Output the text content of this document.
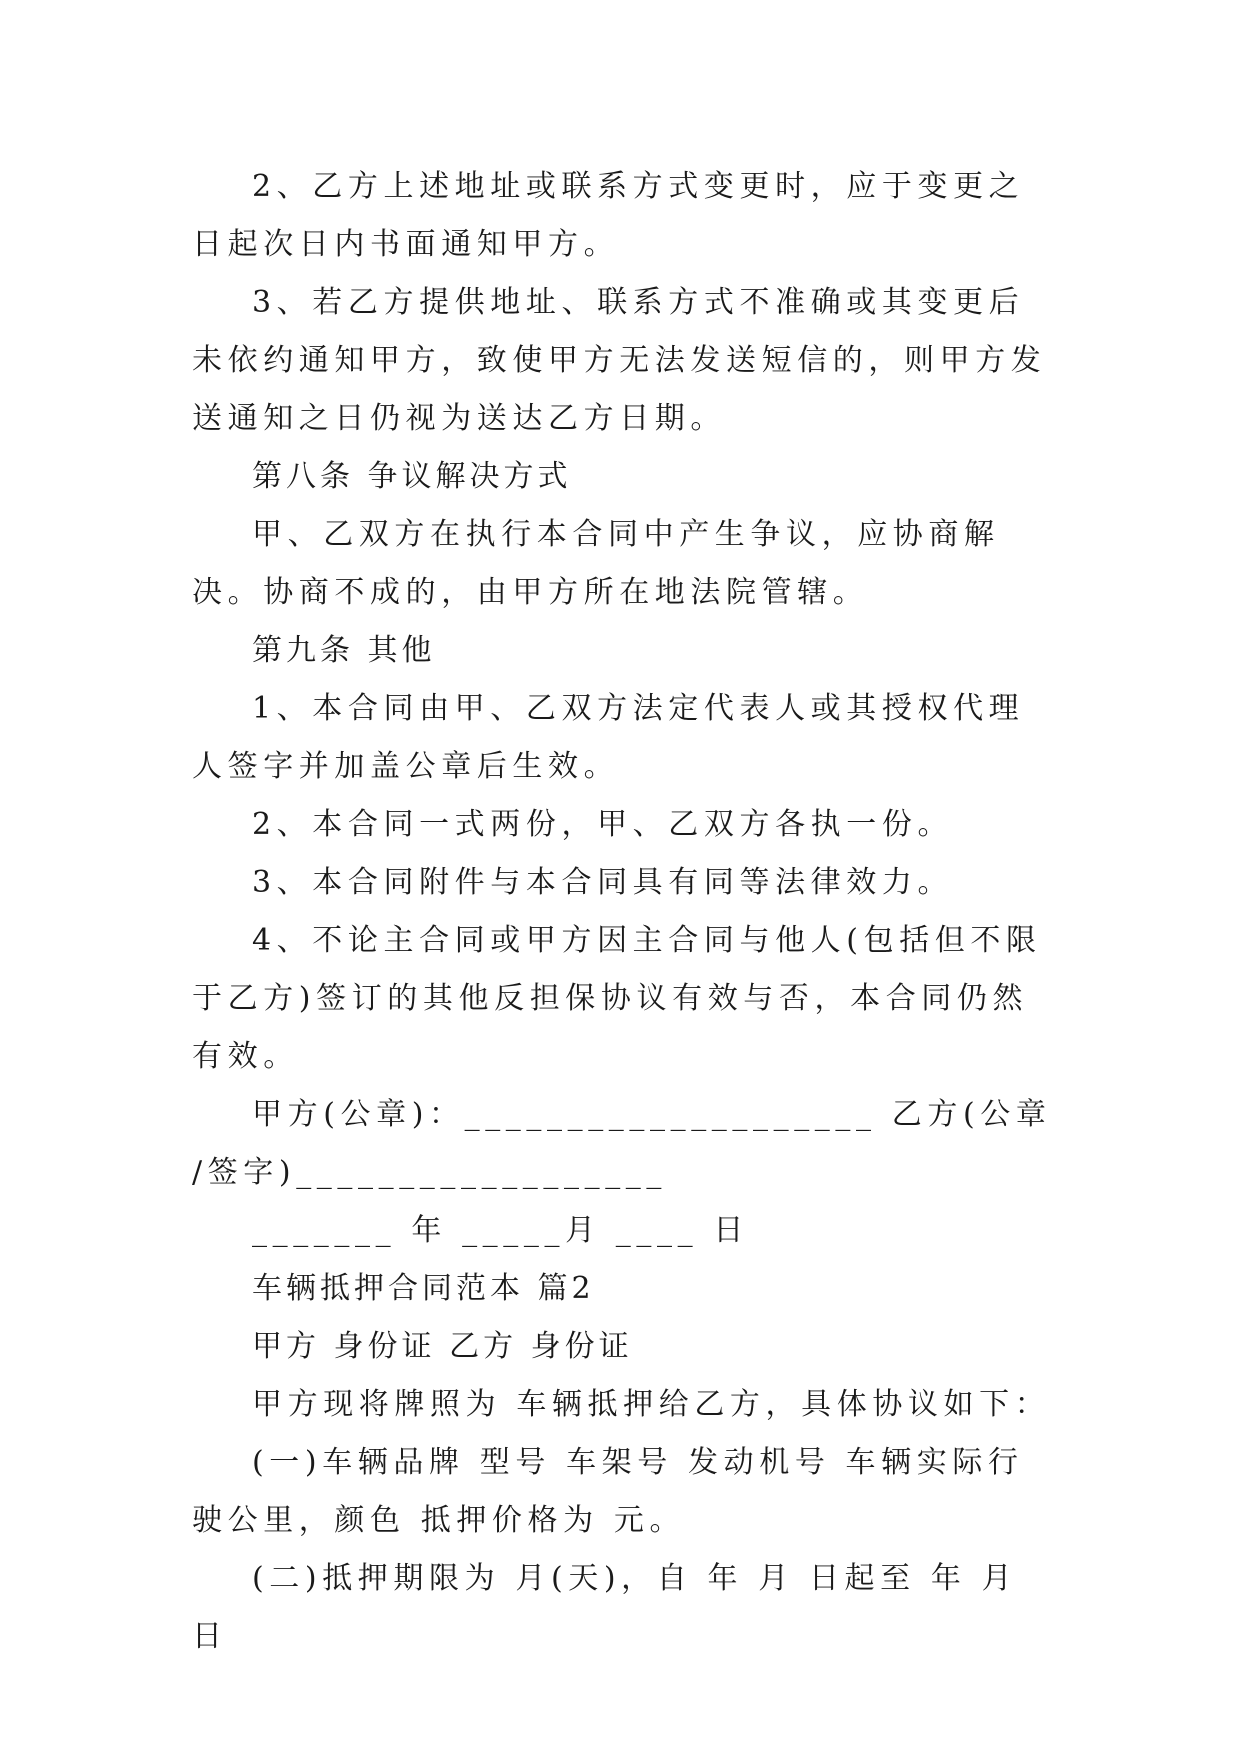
2、乙方上述地址或联系方式变更时，应于变更之日起次日内书面通知甲方。

3、若乙方提供地址、联系方式不准确或其变更后未依约通知甲方，致使甲方无法发送短信的，则甲方发送通知之日仍视为送达乙方日期。

第八条 争议解决方式

甲、乙双方在执行本合同中产生争议，应协商解决。协商不成的，由甲方所在地法院管辖。

第九条 其他

1、本合同由甲、乙双方法定代表人或其授权代理人签字并加盖公章后生效。

2、本合同一式两份，甲、乙双方各执一份。

3、本合同附件与本合同具有同等法律效力。

4、不论主合同或甲方因主合同与他人(包括但不限于乙方)签订的其他反担保协议有效与否，本合同仍然有效。

甲方(公章)：____________________ 乙方(公章 /签字)__________________

_______ 年 _____月 ____ 日

车辆抵押合同范本 篇2

甲方 身份证 乙方 身份证

甲方现将牌照为 车辆抵押给乙方，具体协议如下：

(一)车辆品牌 型号 车架号 发动机号 车辆实际行驶公里，颜色 抵押价格为 元。

(二)抵押期限为 月(天)，自 年 月 日起至 年 月 日
